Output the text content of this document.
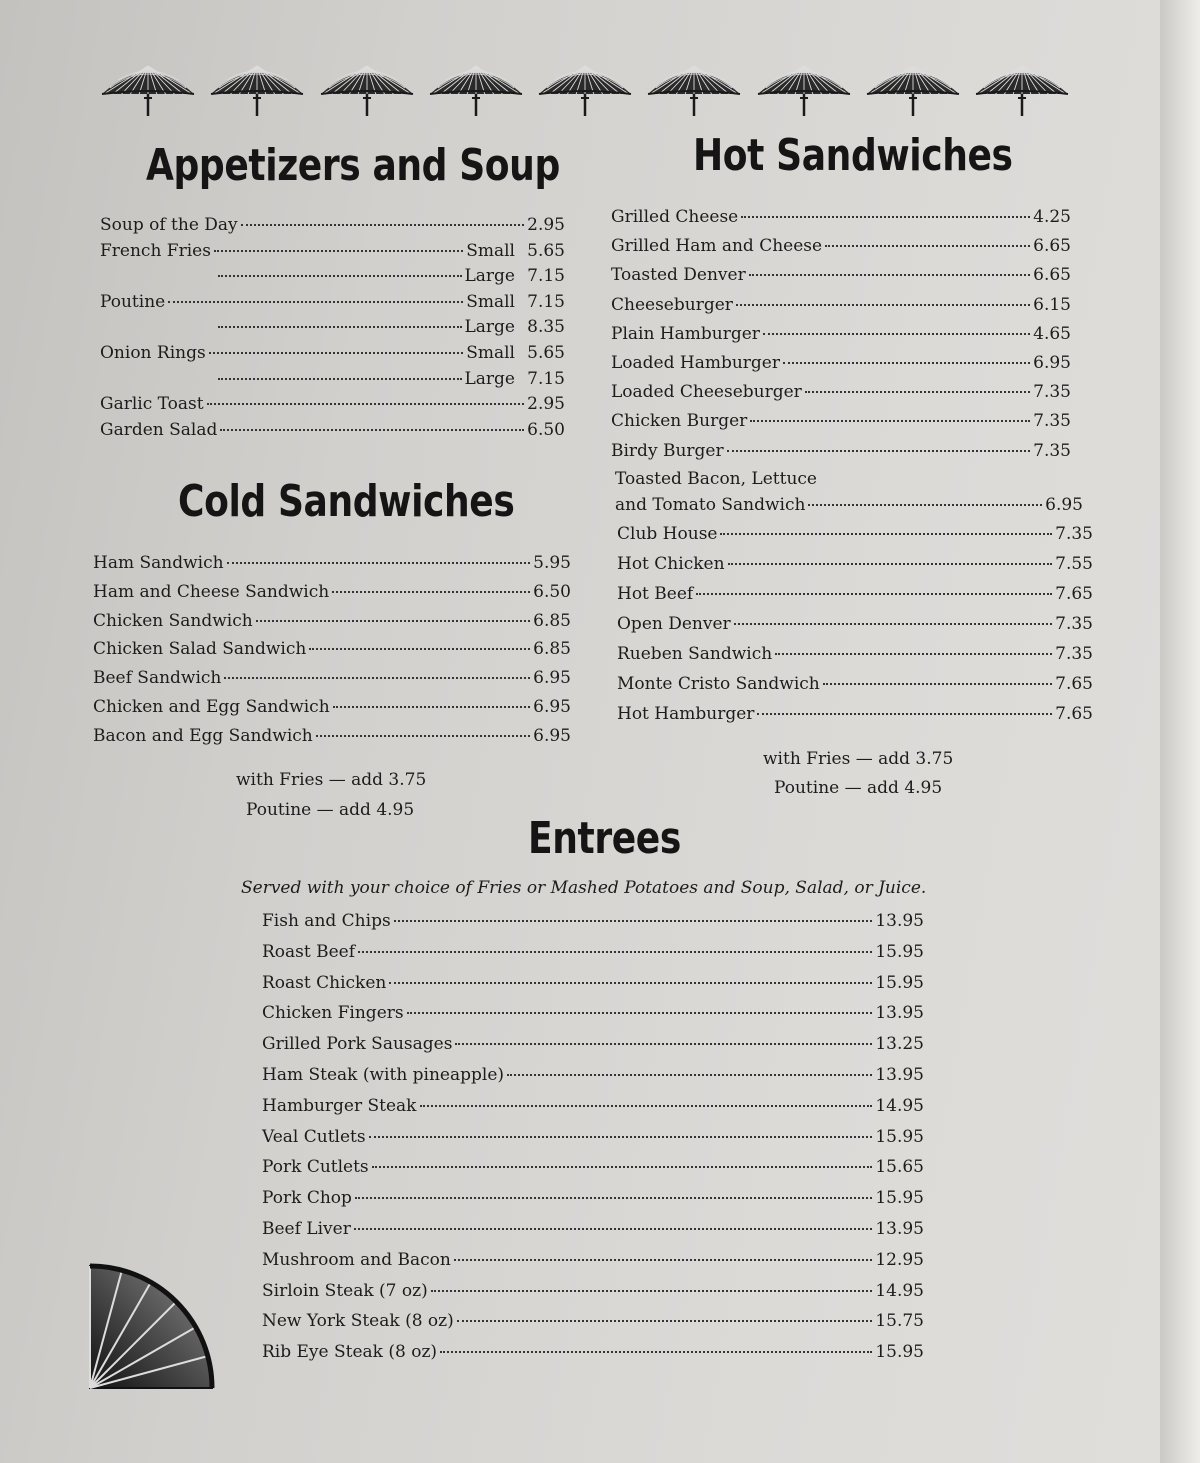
Appetizers and Soup
Soup of the Day	2.95
French Fries	Small 5.65
Large 7.15
Poutine	Small 7.15
Large 8.35
Onion Rings	Small 5.65
Large 7.15
Garlic Toast	2.95
Garden Salad	6.50
Cold Sandwiches
Ham Sandwich	5.95
Ham and Cheese Sandwich	6.50
Chicken Sandwich	6.85
Chicken Salad Sandwich	6.85
Beef Sandwich	6.95
Chicken and Egg Sandwich	6.95
Bacon and Egg Sandwich	6.95
with Fries — add 3.75
Poutine — add 4.95
Hot Sandwiches
Grilled Cheese	4.25
Grilled Ham and Cheese	6.65
Toasted Denver	6.65
Cheeseburger	6.15
Plain Hamburger	4.65
Loaded Hamburger	6.95
Loaded Cheeseburger	7.35
Chicken Burger	7.35
Birdy Burger	7.35
Toasted Bacon, Lettuce
and Tomato Sandwich	6.95
Club House	7.35
Hot Chicken	7.55
Hot Beef	7.65
Open Denver	7.35
Rueben Sandwich	7.35
Monte Cristo Sandwich	7.65
Hot Hamburger	7.65
with Fries — add 3.75
Poutine — add 4.95
Entrees
Served with your choice of Fries or Mashed Potatoes and Soup, Salad, or Juice.
Fish and Chips	13.95
Roast Beef	15.95
Roast Chicken	15.95
Chicken Fingers	13.95
Grilled Pork Sausages	13.25
Ham Steak (with pineapple)	13.95
Hamburger Steak	14.95
Veal Cutlets	15.95
Pork Cutlets	15.65
Pork Chop	15.95
Beef Liver	13.95
Mushroom and Bacon	12.95
Sirloin Steak (7 oz)	14.95
New York Steak (8 oz)	15.75
Rib Eye Steak (8 oz)	15.95
